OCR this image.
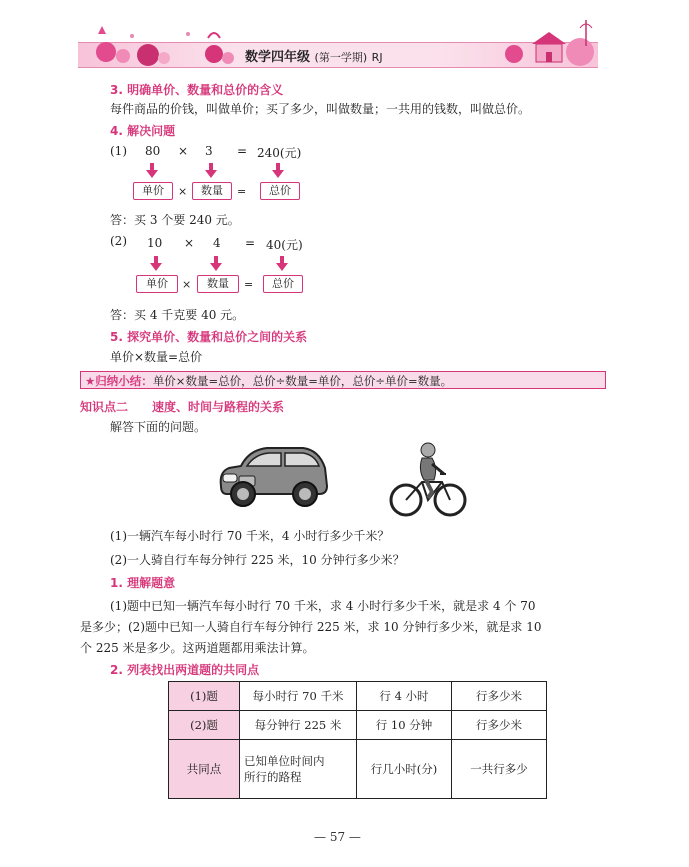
数学四年级 (第一学期) RJ
3. 明确单价、数量和总价的含义
每件商品的价钱，叫做单价；买了多少，叫做数量；一共用的钱数，叫做总价。
4. 解决问题
(1) 80 × 3 = 240(元)
单价	×	数量	=	总价
答：买 3 个要 240 元。
(2) 10 × 4 = 40(元)
单价	×	数量	=	总价
答：买 4 千克要 40 元。
5. 探究单价、数量和总价之间的关系
单价×数量=总价
★归纳小结：单价×数量=总价，总价÷数量=单价，总价÷单价=数量。
知识点二 速度、时间与路程的关系
解答下面的问题。
(1)一辆汽车每小时行 70 千米，4 小时行多少千米？
(2)一人骑自行车每分钟行 225 米，10 分钟行多少米？
1. 理解题意
(1)题中已知一辆汽车每小时行 70 千米，求 4 小时行多少千米，就是求 4 个 70
是多少；(2)题中已知一人骑自行车每分钟行 225 米，求 10 分钟行多少米，就是求 10
个 225 米是多少。这两道题都用乘法计算。
2. 列表找出两道题的共同点
(1)题	每小时行 70 千米	行 4 小时	行多少米
(2)题	每分钟行 225 米	行 10 分钟	行多少米
共同点	已知单位时间内
所行的路程	行几小时(分)	一共行多少
— 57 —
